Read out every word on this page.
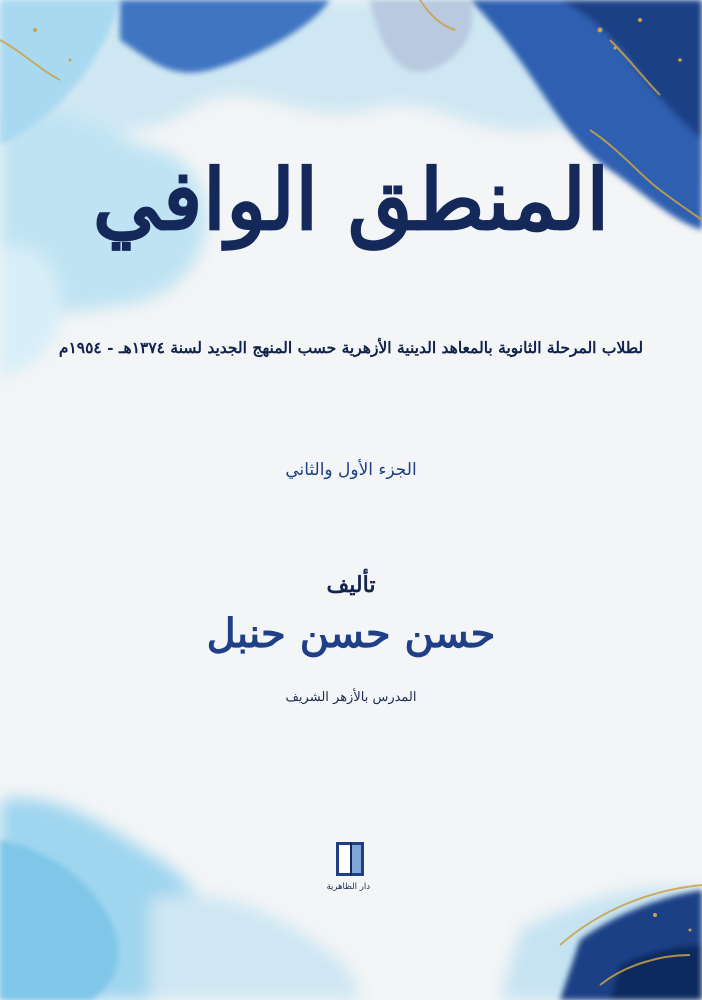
المنطق الوافي
لطلاب المرحلة الثانوية بالمعاهد الدينية الأزهرية حسب المنهج الجديد لسنة ١٣٧٤هـ - ١٩٥٤م
الجزء الأول والثاني
تأليف
حسن حسن حنبل
المدرس بالأزهر الشريف
دار الظاهرية
